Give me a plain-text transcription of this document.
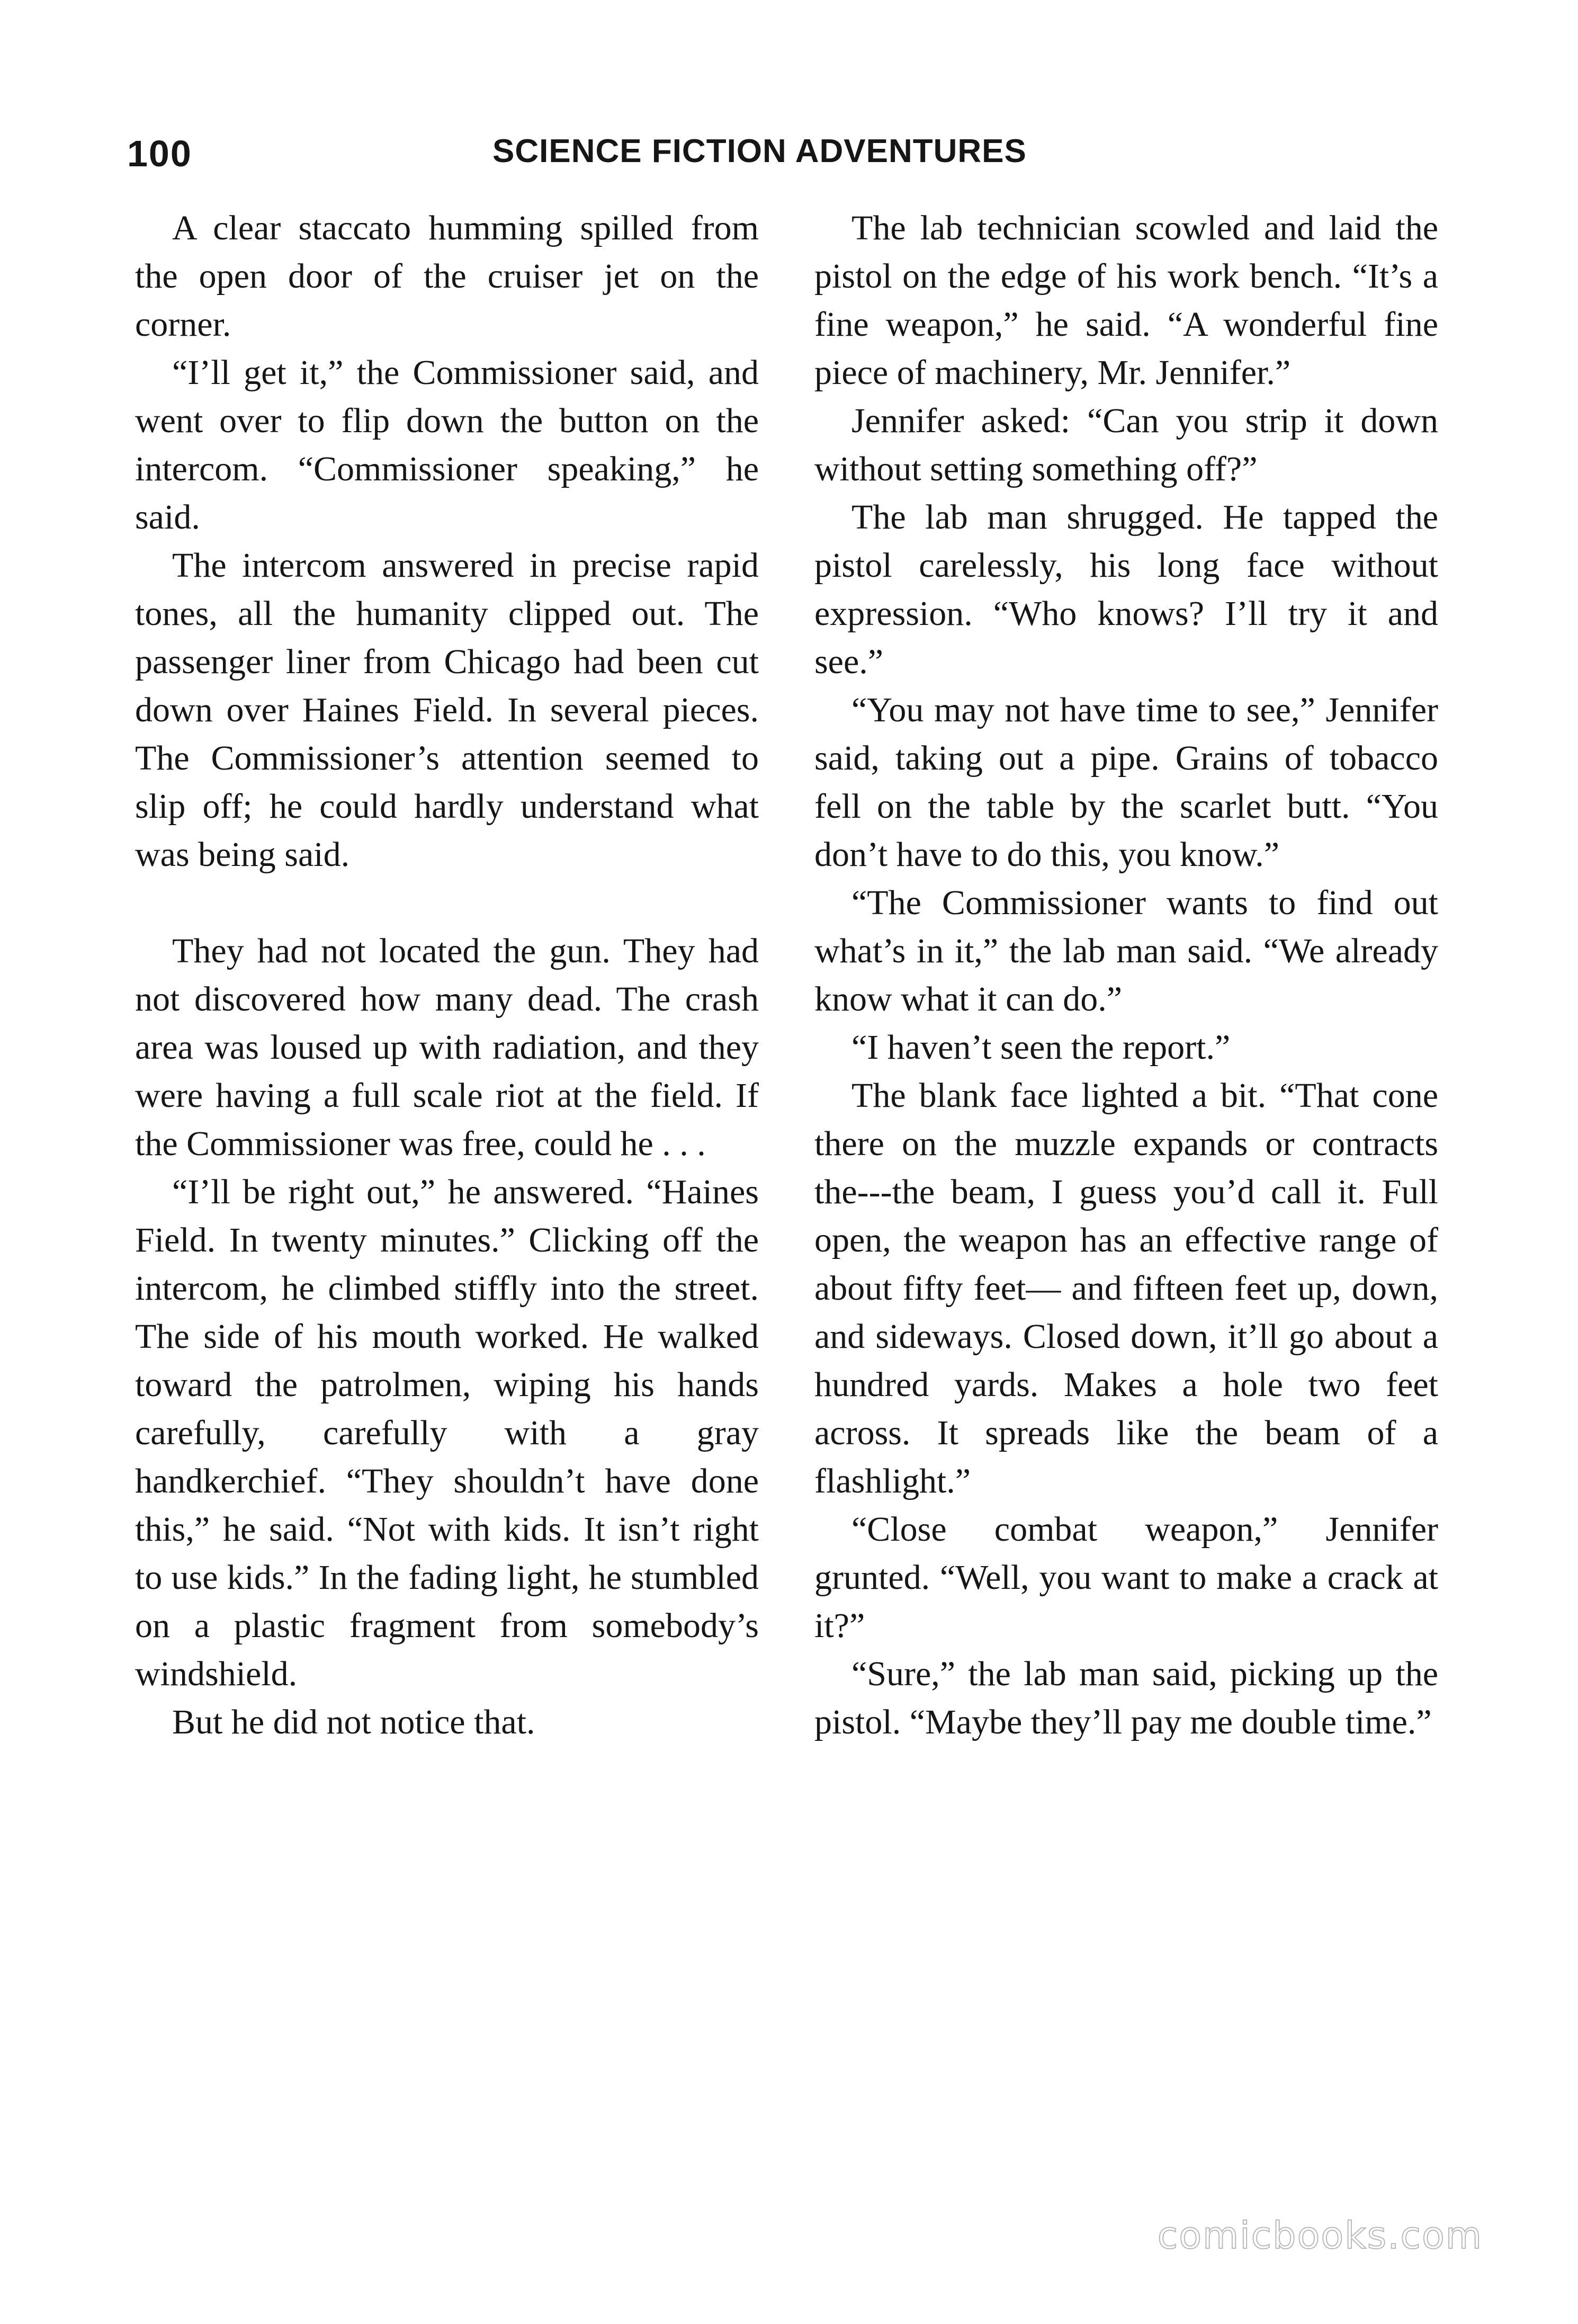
100	SCIENCE FICTION ADVENTURES

A clear staccato humming spilled from the open door of the cruiser jet on the corner.

“I’ll get it,” the Commissioner said, and went over to flip down the button on the intercom. “Commissioner speaking,” he said.

The intercom answered in precise rapid tones, all the humanity clipped out. The passenger liner from Chicago had been cut down over Haines Field. In several pieces. The Commissioner’s attention seemed to slip off; he could hardly understand what was being said.

They had not located the gun. They had not discovered how many dead. The crash area was loused up with radiation, and they were having a full scale riot at the field. If the Commissioner was free, could he . . .

“I’ll be right out,” he answered. “Haines Field. In twenty minutes.” Clicking off the intercom, he climbed stiffly into the street. The side of his mouth worked. He walked toward the patrolmen, wiping his hands carefully, carefully with a gray handkerchief. “They shouldn’t have done this,” he said. “Not with kids. It isn’t right to use kids.” In the fading light, he stumbled on a plastic fragment from somebody’s windshield.

But he did not notice that.

The lab technician scowled and laid the pistol on the edge of his work bench. “It’s a fine weapon,” he said. “A wonderful fine piece of machinery, Mr. Jennifer.”

Jennifer asked: “Can you strip it down without setting something off?”

The lab man shrugged. He tapped the pistol carelessly, his long face without expression. “Who knows? I’ll try it and see.”

“You may not have time to see,” Jennifer said, taking out a pipe. Grains of tobacco fell on the table by the scarlet butt. “You don’t have to do this, you know.”

“The Commissioner wants to find out what’s in it,” the lab man said. “We already know what it can do.”

“I haven’t seen the report.”

The blank face lighted a bit. “That cone there on the muzzle expands or contracts the---the beam, I guess you’d call it. Full open, the weapon has an effective range of about fifty feet— and fifteen feet up, down, and sideways. Closed down, it’ll go about a hundred yards. Makes a hole two feet across. It spreads like the beam of a flashlight.”

“Close combat weapon,” Jennifer grunted. “Well, you want to make a crack at it?”

“Sure,” the lab man said, picking up the pistol. “Maybe they’ll pay me double time.”

comicbooks.com
